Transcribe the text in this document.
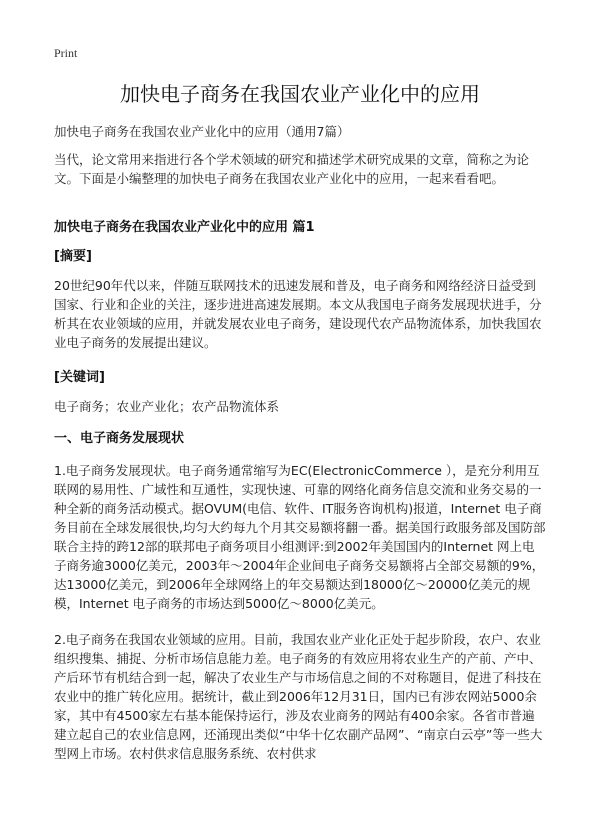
Print
加快电子商务在我国农业产业化中的应用

加快电子商务在我国农业产业化中的应用（通用7篇）

当代，论文常用来指进行各个学术领域的研究和描述学术研究成果的文章，简称之为论文。下面是小编整理的加快电子商务在我国农业产业化中的应用，一起来看看吧。

加快电子商务在我国农业产业化中的应用 篇1
[摘要]

20世纪90年代以来，伴随互联网技术的迅速发展和普及，电子商务和网络经济日益受到国家、行业和企业的关注，逐步进进高速发展期。本文从我国电子商务发展现状进手，分析其在农业领域的应用，并就发展农业电子商务，建设现代农产品物流体系，加快我国农业电子商务的发展提出建议。

[关键词]

电子商务；农业产业化；农产品物流体系

一、电子商务发展现状

1.电子商务发展现状。电子商务通常缩写为EC(ElectronicCommerce ），是充分利用互联网的易用性、广域性和互通性，实现快速、可靠的网络化商务信息交流和业务交易的一种全新的商务活动模式。据OVUM(电信、软件、IT服务咨询机构)报道，Internet 电子商务目前在全球发展很快,均匀大约每九个月其交易额将翻一番。据美国行政服务部及国防部联合主持的跨12部的联邦电子商务项目小组测评:到2002年美国国内的Internet 网上电子商务逾3000亿美元，2003年～2004年企业间电子商务交易额将占全部交易额的9%，达13000亿美元，到2006年全球网络上的年交易额达到18000亿～20000亿美元的规模，Internet 电子商务的市场达到5000亿～8000亿美元。

2.电子商务在我国农业领域的应用。目前，我国农业产业化正处于起步阶段，农户、农业组织搜集、捕捉、分析市场信息能力差。电子商务的有效应用将农业生产的产前、产中、产后环节有机结合到一起，解决了农业生产与市场信息之间的不对称题目，促进了科技在农业中的推广转化应用。据统计，截止到2006年12月31日，国内已有涉农网站5000余家，其中有4500家左右基本能保持运行，涉及农业商务的网站有400余家。各省市普遍建立起自己的农业信息网，还涌现出类似“中华十亿农副产品网”、“南京白云亭”等一些大型网上市场。农村供求信息服务系统、农村供求
